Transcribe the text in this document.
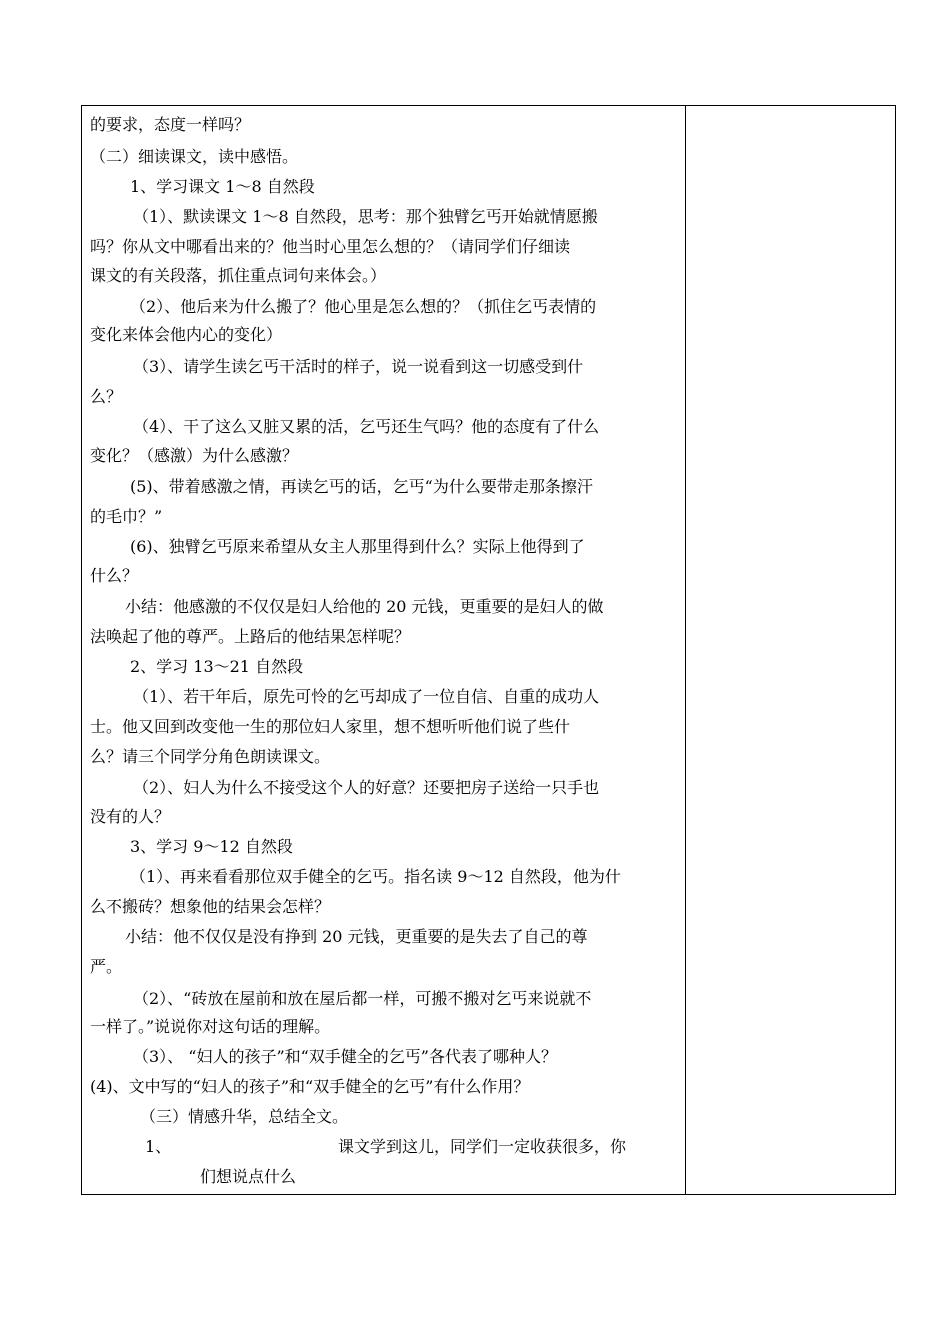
的要求，态度一样吗？
（二）细读课文，读中感悟。
1、学习课文 1～8 自然段
（1）、默读课文 1～8 自然段，思考：那个独臂乞丐开始就情愿搬
吗？你从文中哪看出来的？他当时心里怎么想的？（请同学们仔细读
课文的有关段落，抓住重点词句来体会。）
（2）、他后来为什么搬了？他心里是怎么想的？（抓住乞丐表情的
变化来体会他内心的变化）
（3）、请学生读乞丐干活时的样子，说一说看到这一切感受到什
么？
（4）、干了这么又脏又累的活，乞丐还生气吗？他的态度有了什么
变化？（感激）为什么感激？
(5)、带着感激之情，再读乞丐的话，乞丐“为什么要带走那条擦汗
的毛巾？”
(6)、独臂乞丐原来希望从女主人那里得到什么？实际上他得到了
什么？
小结：他感激的不仅仅是妇人给他的 20 元钱，更重要的是妇人的做
法唤起了他的尊严。上路后的他结果怎样呢？
2、学习 13～21 自然段
（1）、若干年后，原先可怜的乞丐却成了一位自信、自重的成功人
士。他又回到改变他一生的那位妇人家里，想不想听听他们说了些什
么？请三个同学分角色朗读课文。
（2）、妇人为什么不接受这个人的好意？还要把房子送给一只手也
没有的人？
3、学习 9～12 自然段
（1）、再来看看那位双手健全的乞丐。指名读 9～12 自然段，他为什
么不搬砖？想象他的结果会怎样？
小结：他不仅仅是没有挣到 20 元钱，更重要的是失去了自己的尊
严。
（2）、“砖放在屋前和放在屋后都一样，可搬不搬对乞丐来说就不
一样了。”说说你对这句话的理解。
（3）、 “妇人的孩子”和“双手健全的乞丐”各代表了哪种人？
(4)、文中写的“妇人的孩子”和“双手健全的乞丐”有什么作用？
（三）情感升华，总结全文。
1、	课文学到这儿，同学们一定收获很多，你
们想说点什么
